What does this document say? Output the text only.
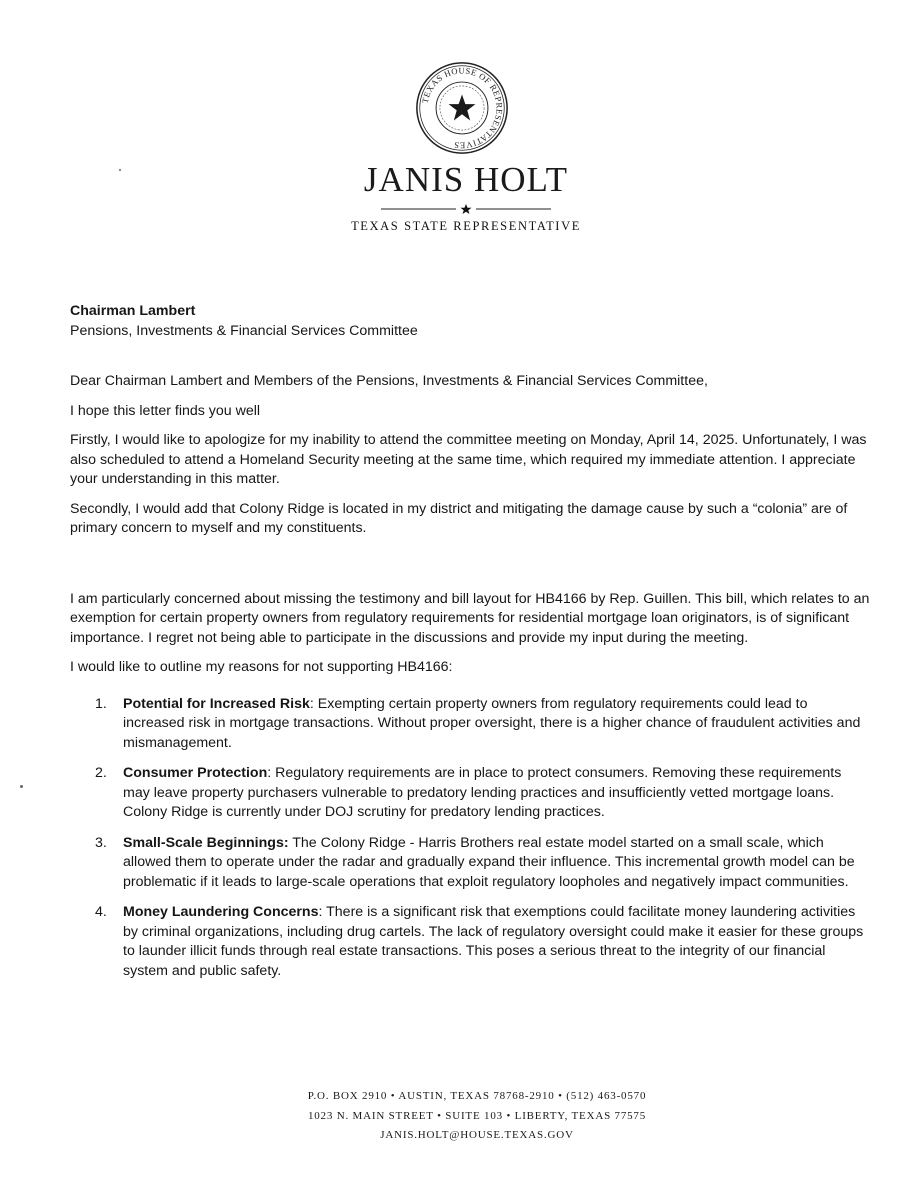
TEXAS HOUSE OF REPRESENTATIVES
JANIS HOLT
TEXAS STATE REPRESENTATIVE

Chairman Lambert

Pensions, Investments & Financial Services Committee

Dear Chairman Lambert and Members of the Pensions, Investments & Financial Services Committee,

I hope this letter finds you well

Firstly, I would like to apologize for my inability to attend the committee meeting on Monday, April 14, 2025. Unfortunately, I was also scheduled to attend a Homeland Security meeting at the same time, which required my immediate attention. I appreciate your understanding in this matter.

Secondly, I would add that Colony Ridge is located in my district and mitigating the damage cause by such a “colonia” are of primary concern to myself and my constituents.

I am particularly concerned about missing the testimony and bill layout for HB4166 by Rep. Guillen. This bill, which relates to an exemption for certain property owners from regulatory requirements for residential mortgage loan originators, is of significant importance. I regret not being able to participate in the discussions and provide my input during the meeting.

I would like to outline my reasons for not supporting HB4166:

1. Potential for Increased Risk: Exempting certain property owners from regulatory requirements could lead to increased risk in mortgage transactions. Without proper oversight, there is a higher chance of fraudulent activities and mismanagement.
2. Consumer Protection: Regulatory requirements are in place to protect consumers. Removing these requirements may leave property purchasers vulnerable to predatory lending practices and insufficiently vetted mortgage loans. Colony Ridge is currently under DOJ scrutiny for predatory lending practices.
3. Small-Scale Beginnings: The Colony Ridge - Harris Brothers real estate model started on a small scale, which allowed them to operate under the radar and gradually expand their influence. This incremental growth model can be problematic if it leads to large-scale operations that exploit regulatory loopholes and negatively impact communities.
4. Money Laundering Concerns: There is a significant risk that exemptions could facilitate money laundering activities by criminal organizations, including drug cartels. The lack of regulatory oversight could make it easier for these groups to launder illicit funds through real estate transactions. This poses a serious threat to the integrity of our financial system and public safety.
P.O. BOX 2910 • AUSTIN, TEXAS 78768-2910 • (512) 463-0570
1023 N. MAIN STREET • SUITE 103 • LIBERTY, TEXAS 77575
JANIS.HOLT@HOUSE.TEXAS.GOV
